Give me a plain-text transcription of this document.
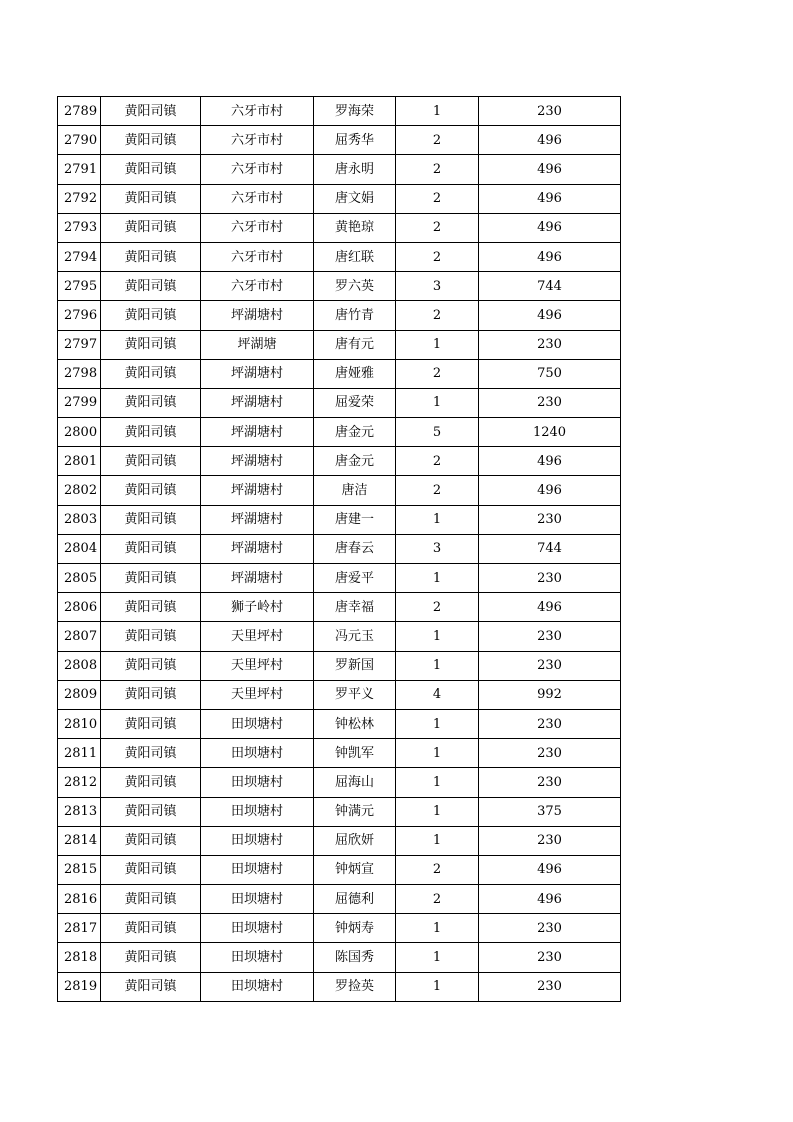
2789	黄阳司镇	六牙市村	罗海荣	1	230
2790	黄阳司镇	六牙市村	屈秀华	2	496
2791	黄阳司镇	六牙市村	唐永明	2	496
2792	黄阳司镇	六牙市村	唐文娟	2	496
2793	黄阳司镇	六牙市村	黄艳琼	2	496
2794	黄阳司镇	六牙市村	唐红联	2	496
2795	黄阳司镇	六牙市村	罗六英	3	744
2796	黄阳司镇	坪湖塘村	唐竹青	2	496
2797	黄阳司镇	坪湖塘	唐有元	1	230
2798	黄阳司镇	坪湖塘村	唐娅雅	2	750
2799	黄阳司镇	坪湖塘村	屈爱荣	1	230
2800	黄阳司镇	坪湖塘村	唐金元	5	1240
2801	黄阳司镇	坪湖塘村	唐金元	2	496
2802	黄阳司镇	坪湖塘村	唐洁	2	496
2803	黄阳司镇	坪湖塘村	唐建一	1	230
2804	黄阳司镇	坪湖塘村	唐春云	3	744
2805	黄阳司镇	坪湖塘村	唐爱平	1	230
2806	黄阳司镇	狮子岭村	唐幸福	2	496
2807	黄阳司镇	天里坪村	冯元玉	1	230
2808	黄阳司镇	天里坪村	罗新国	1	230
2809	黄阳司镇	天里坪村	罗平义	4	992
2810	黄阳司镇	田坝塘村	钟松林	1	230
2811	黄阳司镇	田坝塘村	钟凯军	1	230
2812	黄阳司镇	田坝塘村	屈海山	1	230
2813	黄阳司镇	田坝塘村	钟满元	1	375
2814	黄阳司镇	田坝塘村	屈欣妍	1	230
2815	黄阳司镇	田坝塘村	钟炳宣	2	496
2816	黄阳司镇	田坝塘村	屈德利	2	496
2817	黄阳司镇	田坝塘村	钟炳寿	1	230
2818	黄阳司镇	田坝塘村	陈国秀	1	230
2819	黄阳司镇	田坝塘村	罗捡英	1	230
